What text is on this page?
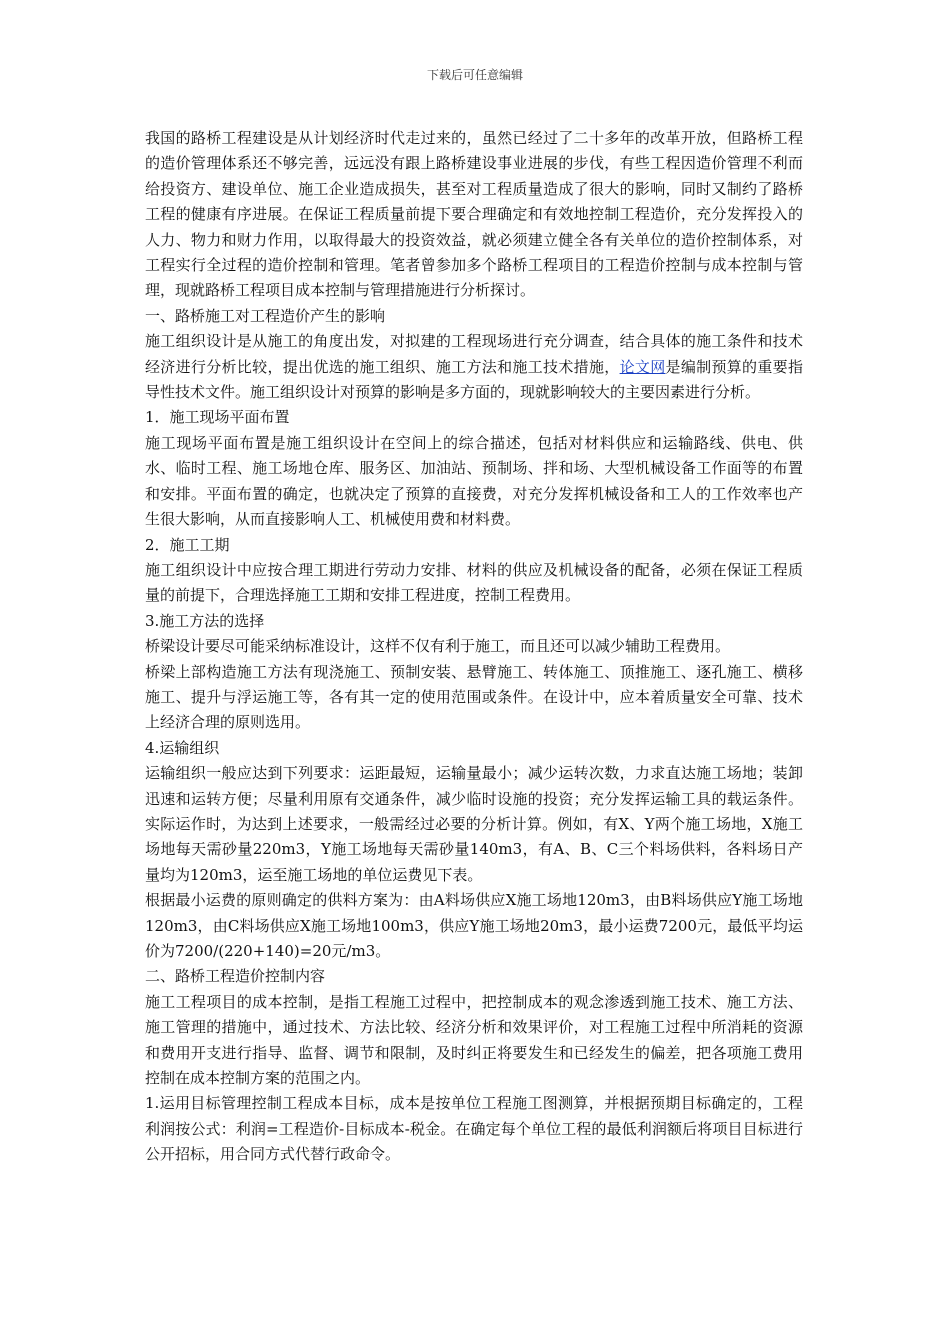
下载后可任意编辑

我国的路桥工程建设是从计划经济时代走过来的，虽然已经过了二十多年的改革开放，但路桥工程的造价管理体系还不够完善，远远没有跟上路桥建设事业进展的步伐，有些工程因造价管理不利而给投资方、建设单位、施工企业造成损失，甚至对工程质量造成了很大的影响，同时又制约了路桥工程的健康有序进展。在保证工程质量前提下要合理确定和有效地控制工程造价，充分发挥投入的人力、物力和财力作用，以取得最大的投资效益，就必须建立健全各有关单位的造价控制体系，对工程实行全过程的造价控制和管理。笔者曾参加多个路桥工程项目的工程造价控制与成本控制与管理，现就路桥工程项目成本控制与管理措施进行分析探讨。

一、路桥施工对工程造价产生的影响

施工组织设计是从施工的角度出发，对拟建的工程现场进行充分调查，结合具体的施工条件和技术经济进行分析比较，提出优选的施工组织、施工方法和施工技术措施，论文网是编制预算的重要指导性技术文件。施工组织设计对预算的影响是多方面的，现就影响较大的主要因素进行分析。

1．施工现场平面布置

施工现场平面布置是施工组织设计在空间上的综合描述，包括对材料供应和运输路线、供电、供水、临时工程、施工场地仓库、服务区、加油站、预制场、拌和场、大型机械设备工作面等的布置和安排。平面布置的确定，也就决定了预算的直接费，对充分发挥机械设备和工人的工作效率也产生很大影响，从而直接影响人工、机械使用费和材料费。

2．施工工期

施工组织设计中应按合理工期进行劳动力安排、材料的供应及机械设备的配备，必须在保证工程质量的前提下，合理选择施工工期和安排工程进度，控制工程费用。

3.施工方法的选择

桥梁设计要尽可能采纳标准设计，这样不仅有利于施工，而且还可以减少辅助工程费用。

桥梁上部构造施工方法有现浇施工、预制安装、悬臂施工、转体施工、顶推施工、逐孔施工、横移施工、提升与浮运施工等，各有其一定的使用范围或条件。在设计中，应本着质量安全可靠、技术上经济合理的原则选用。

4.运输组织

运输组织一般应达到下列要求：运距最短，运输量最小；减少运转次数，力求直达施工场地；装卸迅速和运转方便；尽量利用原有交通条件，减少临时设施的投资；充分发挥运输工具的载运条件。实际运作时，为达到上述要求，一般需经过必要的分析计算。例如，有X、Y两个施工场地，X施工场地每天需砂量220m3，Y施工场地每天需砂量140m3，有A、B、C三个料场供料，各料场日产量均为120m3，运至施工场地的单位运费见下表。

根据最小运费的原则确定的供料方案为：由A料场供应X施工场地120m3，由B料场供应Y施工场地120m3，由C料场供应X施工场地100m3，供应Y施工场地20m3，最小运费7200元，最低平均运价为7200/(220+140)=20元/m3。

二、路桥工程造价控制内容

施工工程项目的成本控制，是指工程施工过程中，把控制成本的观念渗透到施工技术、施工方法、施工管理的措施中，通过技术、方法比较、经济分析和效果评价，对工程施工过程中所消耗的资源和费用开支进行指导、监督、调节和限制，及时纠正将要发生和已经发生的偏差，把各项施工费用控制在成本控制方案的范围之内。

1.运用目标管理控制工程成本目标，成本是按单位工程施工图测算，并根据预期目标确定的，工程利润按公式：利润=工程造价-目标成本-税金。在确定每个单位工程的最低利润额后将项目目标进行公开招标，用合同方式代替行政命令。
